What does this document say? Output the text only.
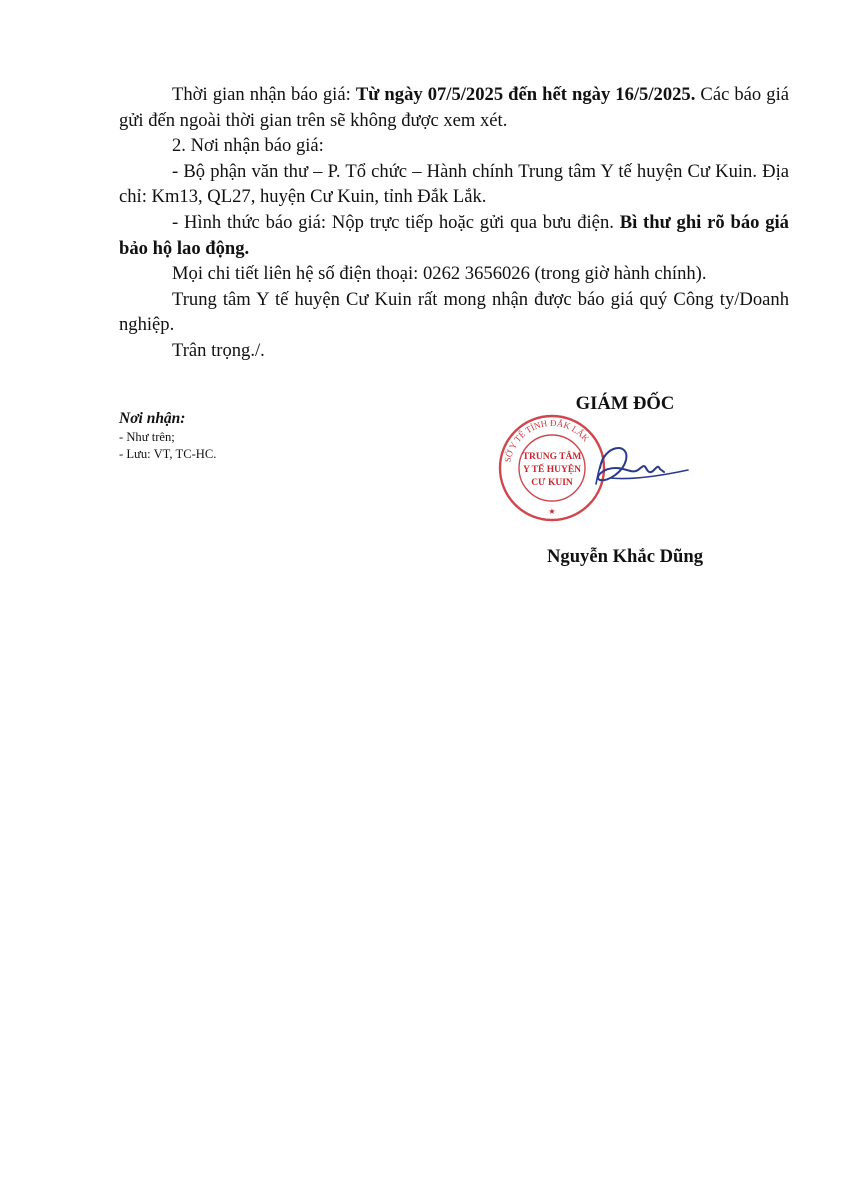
Thời gian nhận báo giá: Từ ngày 07/5/2025 đến hết ngày 16/5/2025. Các báo giá gửi đến ngoài thời gian trên sẽ không được xem xét.

2. Nơi nhận báo giá:

- Bộ phận văn thư – P. Tổ chức – Hành chính Trung tâm Y tế huyện Cư Kuin. Địa chỉ: Km13, QL27, huyện Cư Kuin, tỉnh Đắk Lắk.

- Hình thức báo giá: Nộp trực tiếp hoặc gửi qua bưu điện. Bì thư ghi rõ báo giá bảo hộ lao động.

Mọi chi tiết liên hệ số điện thoại: 0262 3656026 (trong giờ hành chính).

Trung tâm Y tế huyện Cư Kuin rất mong nhận được báo giá quý Công ty/Doanh nghiệp.

Trân trọng./.

Nơi nhận:
- Như trên;
- Lưu: VT, TC-HC.
GIÁM ĐỐC
SỞ Y TẾ TỈNH ĐẮK LẮK
TRUNG TÂM
Y TẾ HUYỆN
CƯ KUIN
★
Nguyễn Khắc Dũng
